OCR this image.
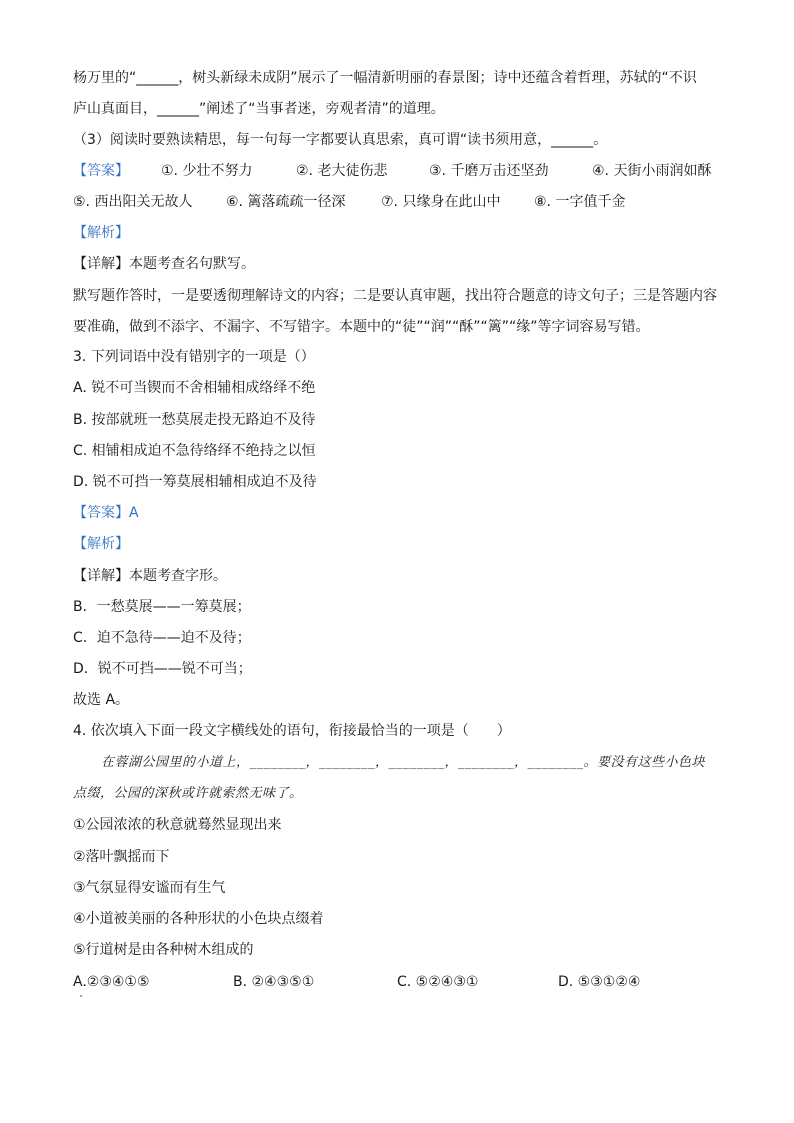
杨万里的“______，树头新绿未成阴”展示了一幅清新明丽的春景图；诗中还蕴含着哲理，苏轼的“不识
庐山真面目，______”阐述了“当事者迷，旁观者清”的道理。
（3）阅读时要熟读精思，每一句每一字都要认真思索，真可谓“读书须用意，______。
【答案】 ①. 少壮不努力	②. 老大徒伤悲	③. 千磨万击还坚劲	④. 天街小雨润如酥
⑤. 西出阳关无故人 ⑥. 篱落疏疏一径深	⑦. 只缘身在此山中 ⑧. 一字值千金
【解析】
【详解】本题考查名句默写。
默写题作答时，一是要透彻理解诗文的内容；二是要认真审题，找出符合题意的诗文句子；三是答题内容
要准确，做到不添字、不漏字、不写错字。本题中的“徒”“润”“酥”“篱”“缘”等字词容易写错。
3. 下列词语中没有错别字的一项是（）
A. 锐不可当锲而不舍相辅相成络绎不绝
B. 按部就班一愁莫展走投无路迫不及待
C. 相铺相成迫不急待络绎不绝持之以恒
D. 锐不可挡一筹莫展相辅相成迫不及待
【答案】A
【解析】
【详解】本题考查字形。
B．一愁莫展——一筹莫展；
C．迫不急待——迫不及待；
D．锐不可挡——锐不可当；
故选 A。
4. 依次填入下面一段文字横线处的语句，衔接最恰当的一项是（　　）
在蓉湖公园里的小道上，________，________，________，________，________。要没有这些小色块
点缀，公园的深秋或许就索然无味了。
①公园浓浓的秋意就蓦然显现出来
②落叶飘摇而下
③气氛显得安谧而有生气
④小道被美丽的各种形状的小色块点缀着
⑤行道树是由各种树木组成的
A.②③④①⑤	B. ②④③⑤①	C. ⑤②④③①	D. ⑤③①②④
